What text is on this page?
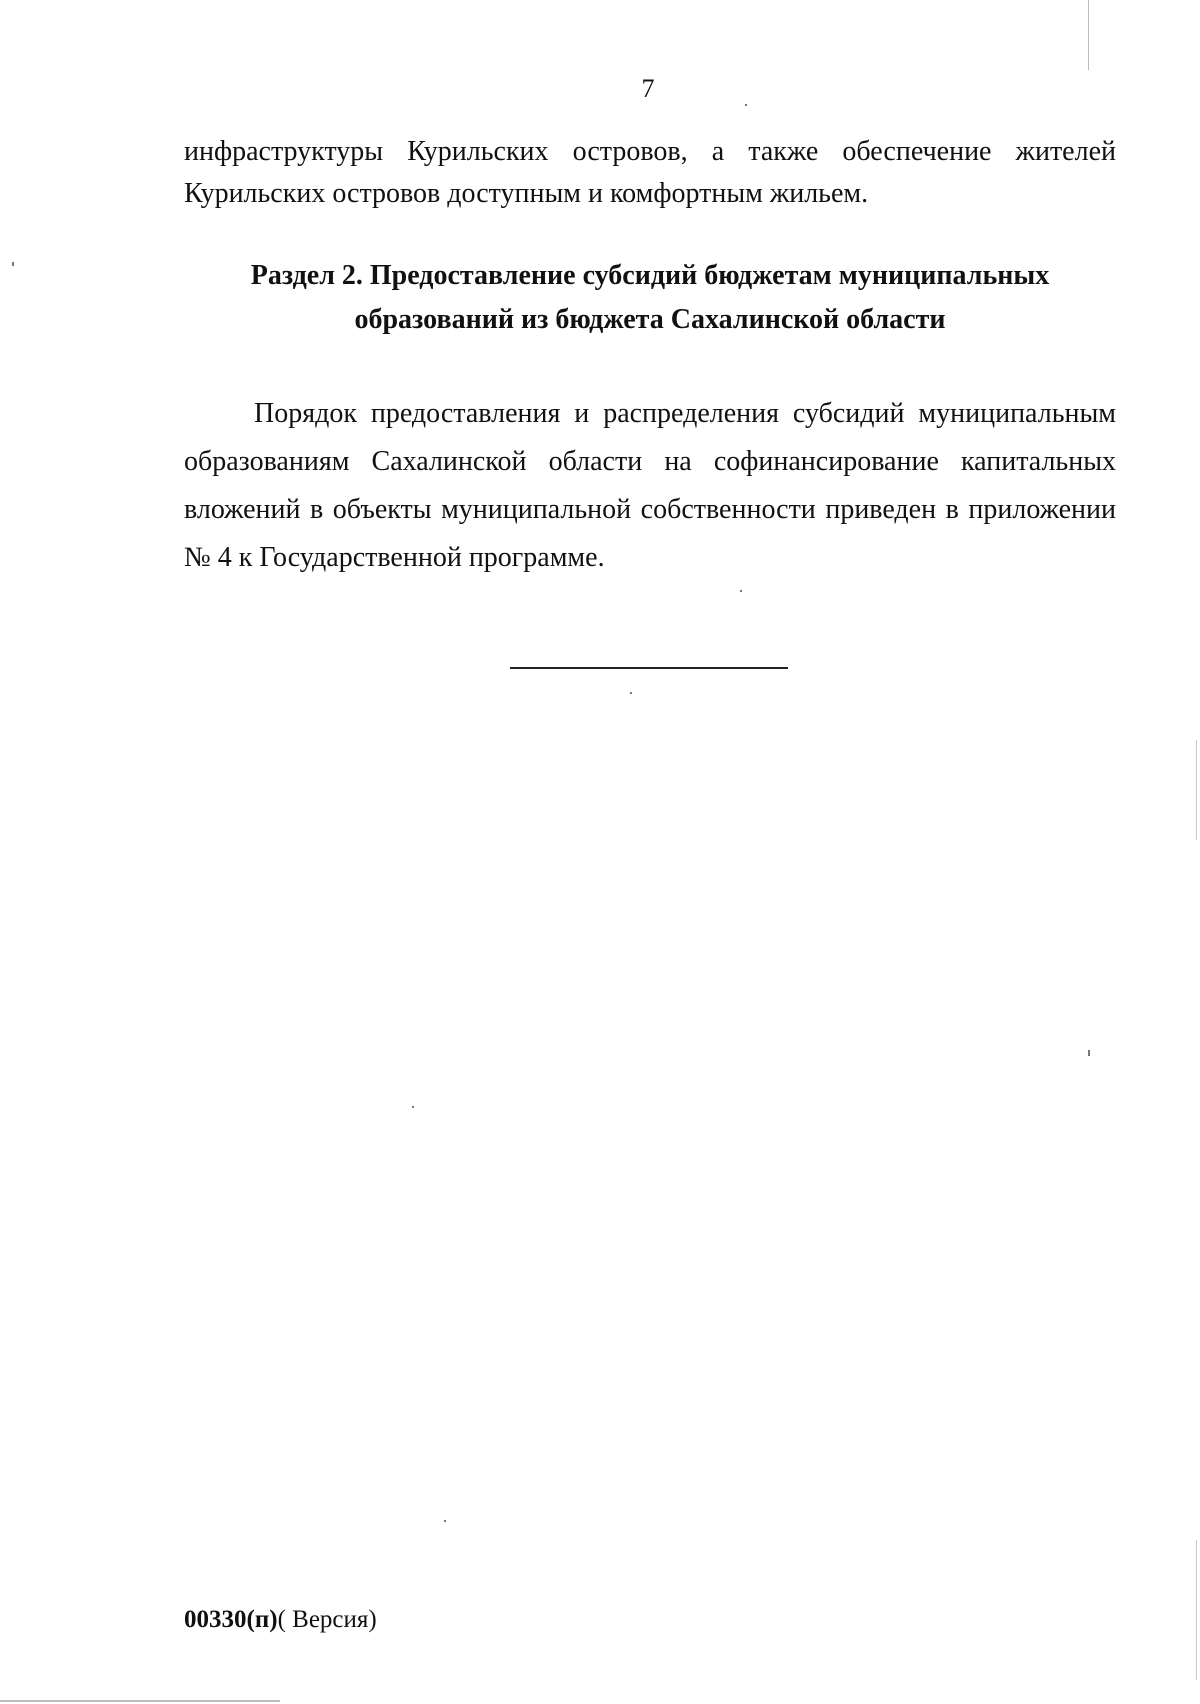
7

инфраструктуры Курильских островов, а также обеспечение жителей Курильских островов доступным и комфортным жильем.

Раздел 2. Предоставление субсидий бюджетам муниципальных
образований из бюджета Сахалинской области

Порядок предоставления и распределения субсидий муниципальным образованиям Сахалинской области на софинансирование капитальных вложений в объекты муниципальной собственности приведен в приложении № 4 к Государственной программе.

00330(п)( Версия)
